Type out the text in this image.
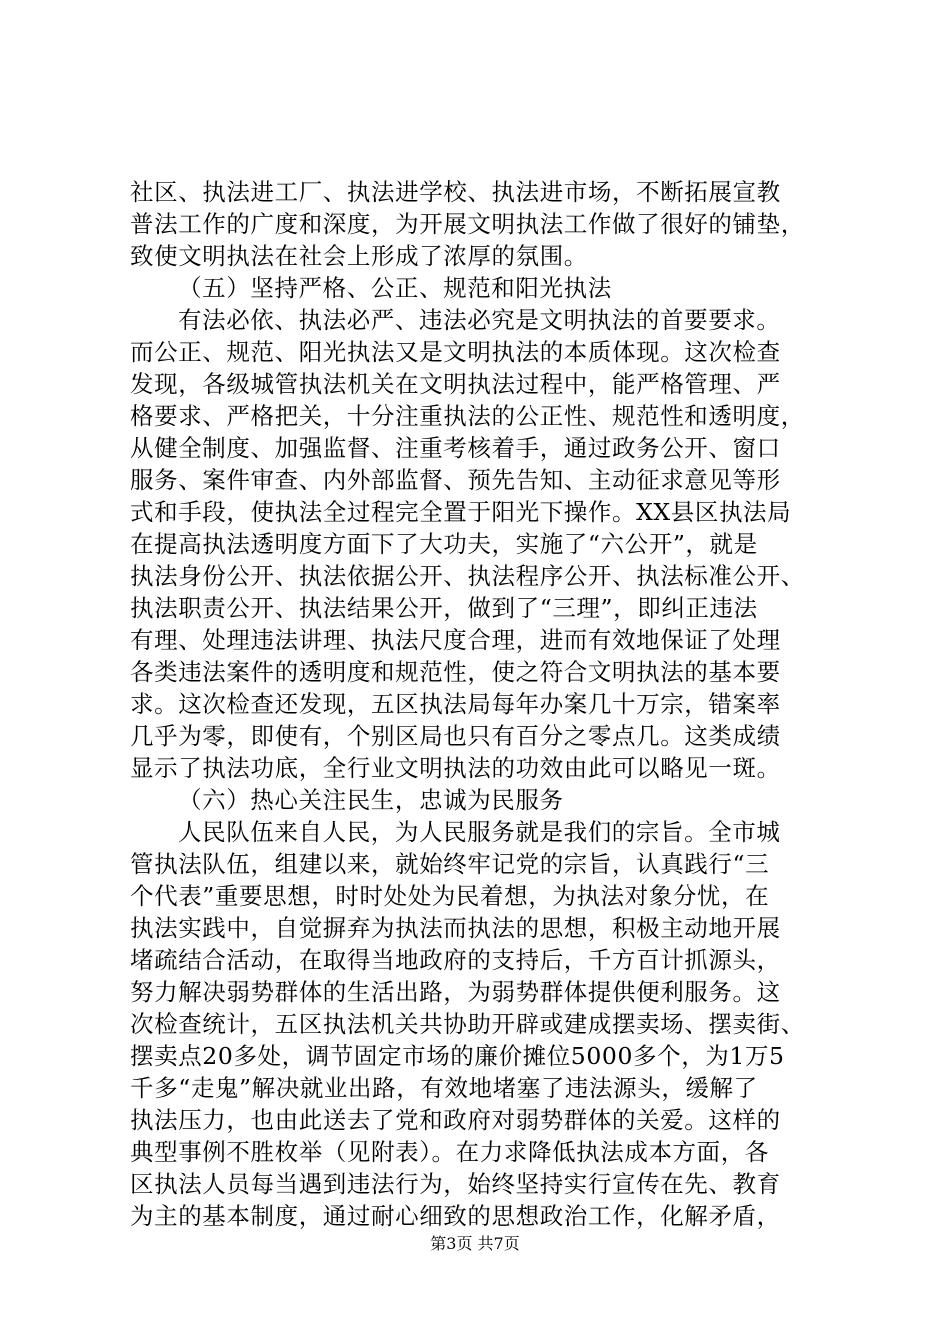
社区、执法进工厂、执法进学校、执法进市场，不断拓展宣教
普法工作的广度和深度，为开展文明执法工作做了很好的铺垫，
致使文明执法在社会上形成了浓厚的氛围。
（五）坚持严格、公正、规范和阳光执法
有法必依、执法必严、违法必究是文明执法的首要要求。
而公正、规范、阳光执法又是文明执法的本质体现。这次检查
发现，各级城管执法机关在文明执法过程中，能严格管理、严
格要求、严格把关，十分注重执法的公正性、规范性和透明度，
从健全制度、加强监督、注重考核着手，通过政务公开、窗口
服务、案件审查、内外部监督、预先告知、主动征求意见等形
式和手段，使执法全过程完全置于阳光下操作。XX县区执法局
在提高执法透明度方面下了大功夫，实施了“六公开”，就是
执法身份公开、执法依据公开、执法程序公开、执法标准公开、
执法职责公开、执法结果公开，做到了“三理”，即纠正违法
有理、处理违法讲理、执法尺度合理，进而有效地保证了处理
各类违法案件的透明度和规范性，使之符合文明执法的基本要
求。这次检查还发现，五区执法局每年办案几十万宗，错案率
几乎为零，即使有，个别区局也只有百分之零点几。这类成绩
显示了执法功底，全行业文明执法的功效由此可以略见一斑。
（六）热心关注民生，忠诚为民服务
人民队伍来自人民，为人民服务就是我们的宗旨。全市城
管执法队伍，组建以来，就始终牢记党的宗旨，认真践行“三
个代表”重要思想，时时处处为民着想，为执法对象分忧，在
执法实践中，自觉摒弃为执法而执法的思想，积极主动地开展
堵疏结合活动，在取得当地政府的支持后，千方百计抓源头，
努力解决弱势群体的生活出路，为弱势群体提供便利服务。这
次检查统计，五区执法机关共协助开辟或建成摆卖场、摆卖街、
摆卖点20多处，调节固定市场的廉价摊位5000多个，为1万5
千多“走鬼”解决就业出路，有效地堵塞了违法源头，缓解了
执法压力，也由此送去了党和政府对弱势群体的关爱。这样的
典型事例不胜枚举（见附表）。在力求降低执法成本方面，各
区执法人员每当遇到违法行为，始终坚持实行宣传在先、教育
为主的基本制度，通过耐心细致的思想政治工作，化解矛盾，
第3页 共7页
